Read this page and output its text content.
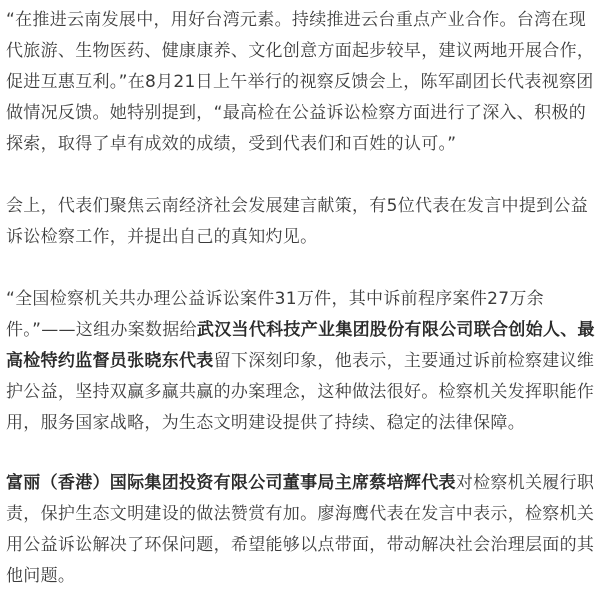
“在推进云南发展中，用好台湾元素。持续推进云台重点产业合作。台湾在现代旅游、生物医药、健康康养、文化创意方面起步较早，建议两地开展合作，促进互惠互利。”在8月21日上午举行的视察反馈会上，陈军副团长代表视察团做情况反馈。她特别提到，“最高检在公益诉讼检察方面进行了深入、积极的探索，取得了卓有成效的成绩，受到代表们和百姓的认可。”

会上，代表们聚焦云南经济社会发展建言献策，有5位代表在发言中提到公益诉讼检察工作，并提出自己的真知灼见。

“全国检察机关共办理公益诉讼案件31万件，其中诉前程序案件27万余件。”——这组办案数据给武汉当代科技产业集团股份有限公司联合创始人、最高检特约监督员张晓东代表留下深刻印象，他表示，主要通过诉前检察建议维护公益，坚持双赢多赢共赢的办案理念，这种做法很好。检察机关发挥职能作用，服务国家战略，为生态文明建设提供了持续、稳定的法律保障。

富丽（香港）国际集团投资有限公司董事局主席蔡培辉代表对检察机关履行职责，保护生态文明建设的做法赞赏有加。廖海鹰代表在发言中表示，检察机关用公益诉讼解决了环保问题，希望能够以点带面，带动解决社会治理层面的其他问题。
